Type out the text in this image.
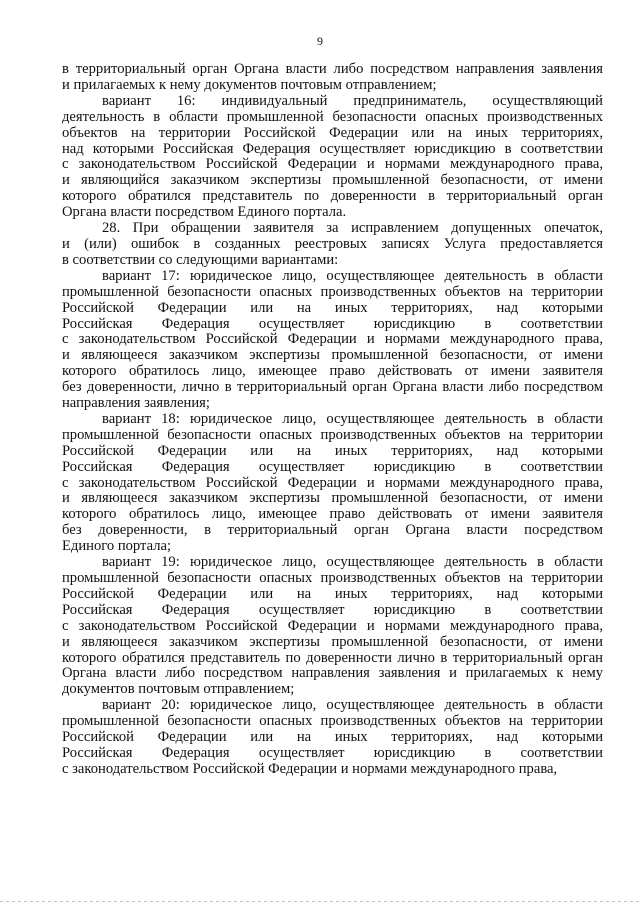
9
в территориальный орган Органа власти либо посредством направления заявления
и прилагаемых к нему документов почтовым отправлением;
вариант 16: индивидуальный предприниматель, осуществляющий
деятельность в области промышленной безопасности опасных производственных
объектов на территории Российской Федерации или на иных территориях,
над которыми Российская Федерация осуществляет юрисдикцию в соответствии
с законодательством Российской Федерации и нормами международного права,
и являющийся заказчиком экспертизы промышленной безопасности, от имени
которого обратился представитель по доверенности в территориальный орган
Органа власти посредством Единого портала.
28. При обращении заявителя за исправлением допущенных опечаток,
и (или) ошибок в созданных реестровых записях Услуга предоставляется
в соответствии со следующими вариантами:
вариант 17: юридическое лицо, осуществляющее деятельность в области
промышленной безопасности опасных производственных объектов на территории
Российской Федерации или на иных территориях, над которыми
Российская Федерация осуществляет юрисдикцию в соответствии
с законодательством Российской Федерации и нормами международного права,
и являющееся заказчиком экспертизы промышленной безопасности, от имени
которого обратилось лицо, имеющее право действовать от имени заявителя
без доверенности, лично в территориальный орган Органа власти либо посредством
направления заявления;
вариант 18: юридическое лицо, осуществляющее деятельность в области
промышленной безопасности опасных производственных объектов на территории
Российской Федерации или на иных территориях, над которыми
Российская Федерация осуществляет юрисдикцию в соответствии
с законодательством Российской Федерации и нормами международного права,
и являющееся заказчиком экспертизы промышленной безопасности, от имени
которого обратилось лицо, имеющее право действовать от имени заявителя
без доверенности, в территориальный орган Органа власти посредством
Единого портала;
вариант 19: юридическое лицо, осуществляющее деятельность в области
промышленной безопасности опасных производственных объектов на территории
Российской Федерации или на иных территориях, над которыми
Российская Федерация осуществляет юрисдикцию в соответствии
с законодательством Российской Федерации и нормами международного права,
и являющееся заказчиком экспертизы промышленной безопасности, от имени
которого обратился представитель по доверенности лично в территориальный орган
Органа власти либо посредством направления заявления и прилагаемых к нему
документов почтовым отправлением;
вариант 20: юридическое лицо, осуществляющее деятельность в области
промышленной безопасности опасных производственных объектов на территории
Российской Федерации или на иных территориях, над которыми
Российская Федерация осуществляет юрисдикцию в соответствии
с законодательством Российской Федерации и нормами международного права,
